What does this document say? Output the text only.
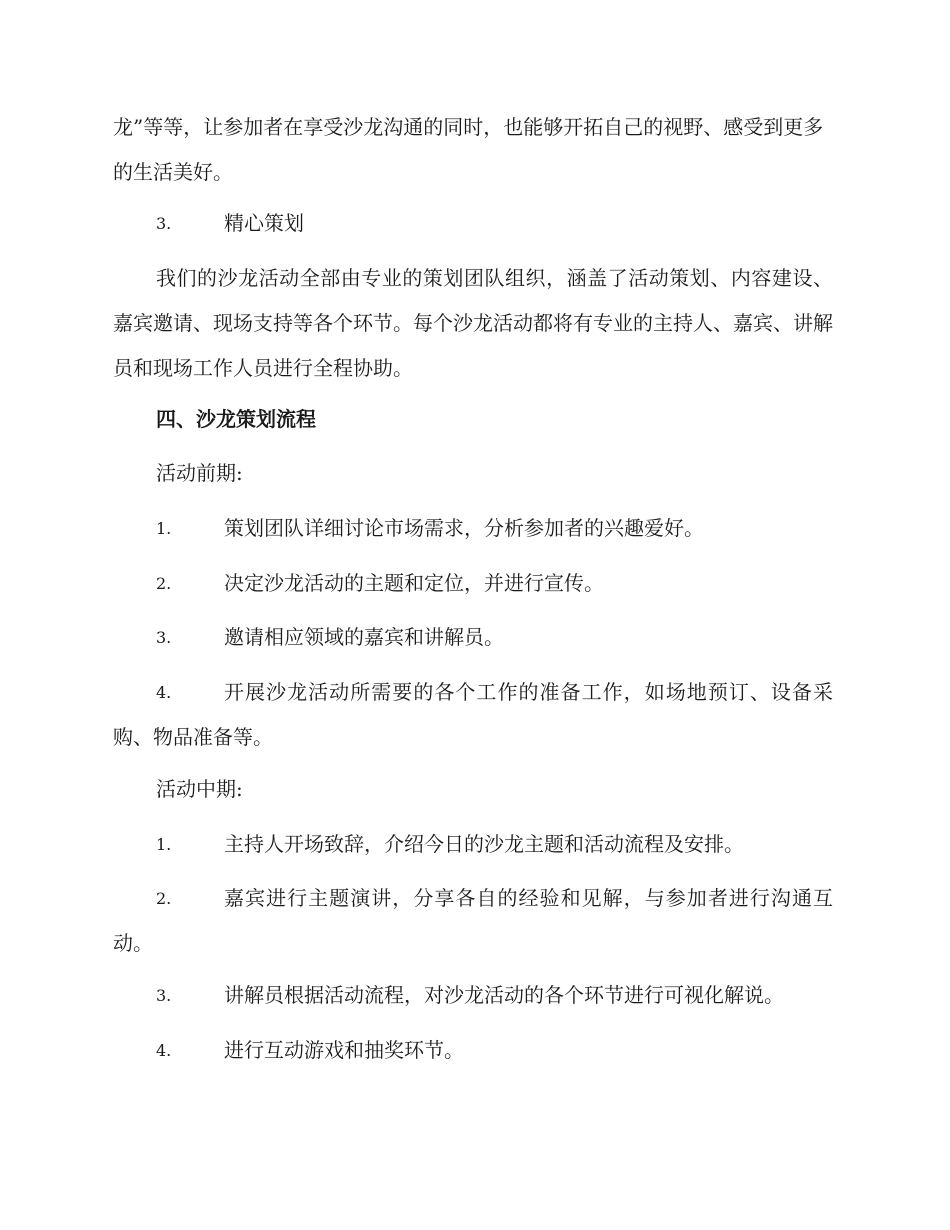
龙”等等，让参加者在享受沙龙沟通的同时，也能够开拓自己的视野、感受到更多的生活美好。

3.	精心策划

我们的沙龙活动全部由专业的策划团队组织，涵盖了活动策划、内容建设、嘉宾邀请、现场支持等各个环节。每个沙龙活动都将有专业的主持人、嘉宾、讲解员和现场工作人员进行全程协助。

四、沙龙策划流程

活动前期:

1.	策划团队详细讨论市场需求，分析参加者的兴趣爱好。
2.	决定沙龙活动的主题和定位，并进行宣传。
3.	邀请相应领域的嘉宾和讲解员。
4.	开展沙龙活动所需要的各个工作的准备工作，如场地预订、设备采购、物品准备等。

活动中期:

1.	主持人开场致辞，介绍今日的沙龙主题和活动流程及安排。
2.	嘉宾进行主题演讲，分享各自的经验和见解，与参加者进行沟通互动。
3.	讲解员根据活动流程，对沙龙活动的各个环节进行可视化解说。
4.	进行互动游戏和抽奖环节。
